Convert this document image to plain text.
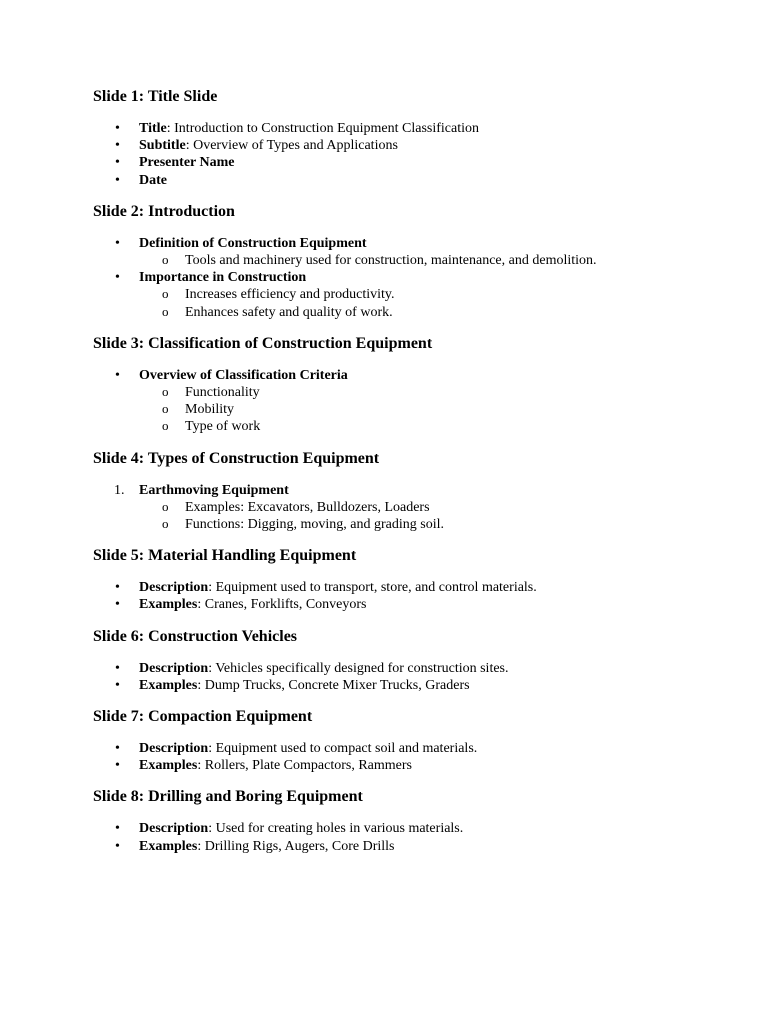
Slide 1: Title Slide
• Title: Introduction to Construction Equipment Classification
• Subtitle: Overview of Types and Applications
• Presenter Name
• Date
Slide 2: Introduction
• Definition of Construction Equipment
o Tools and machinery used for construction, maintenance, and demolition.
• Importance in Construction
o Increases efficiency and productivity.
o Enhances safety and quality of work.
Slide 3: Classification of Construction Equipment
• Overview of Classification Criteria
o Functionality
o Mobility
o Type of work
Slide 4: Types of Construction Equipment
1. Earthmoving Equipment
o Examples: Excavators, Bulldozers, Loaders
o Functions: Digging, moving, and grading soil.
Slide 5: Material Handling Equipment
• Description: Equipment used to transport, store, and control materials.
• Examples: Cranes, Forklifts, Conveyors
Slide 6: Construction Vehicles
• Description: Vehicles specifically designed for construction sites.
• Examples: Dump Trucks, Concrete Mixer Trucks, Graders
Slide 7: Compaction Equipment
• Description: Equipment used to compact soil and materials.
• Examples: Rollers, Plate Compactors, Rammers
Slide 8: Drilling and Boring Equipment
• Description: Used for creating holes in various materials.
• Examples: Drilling Rigs, Augers, Core Drills
